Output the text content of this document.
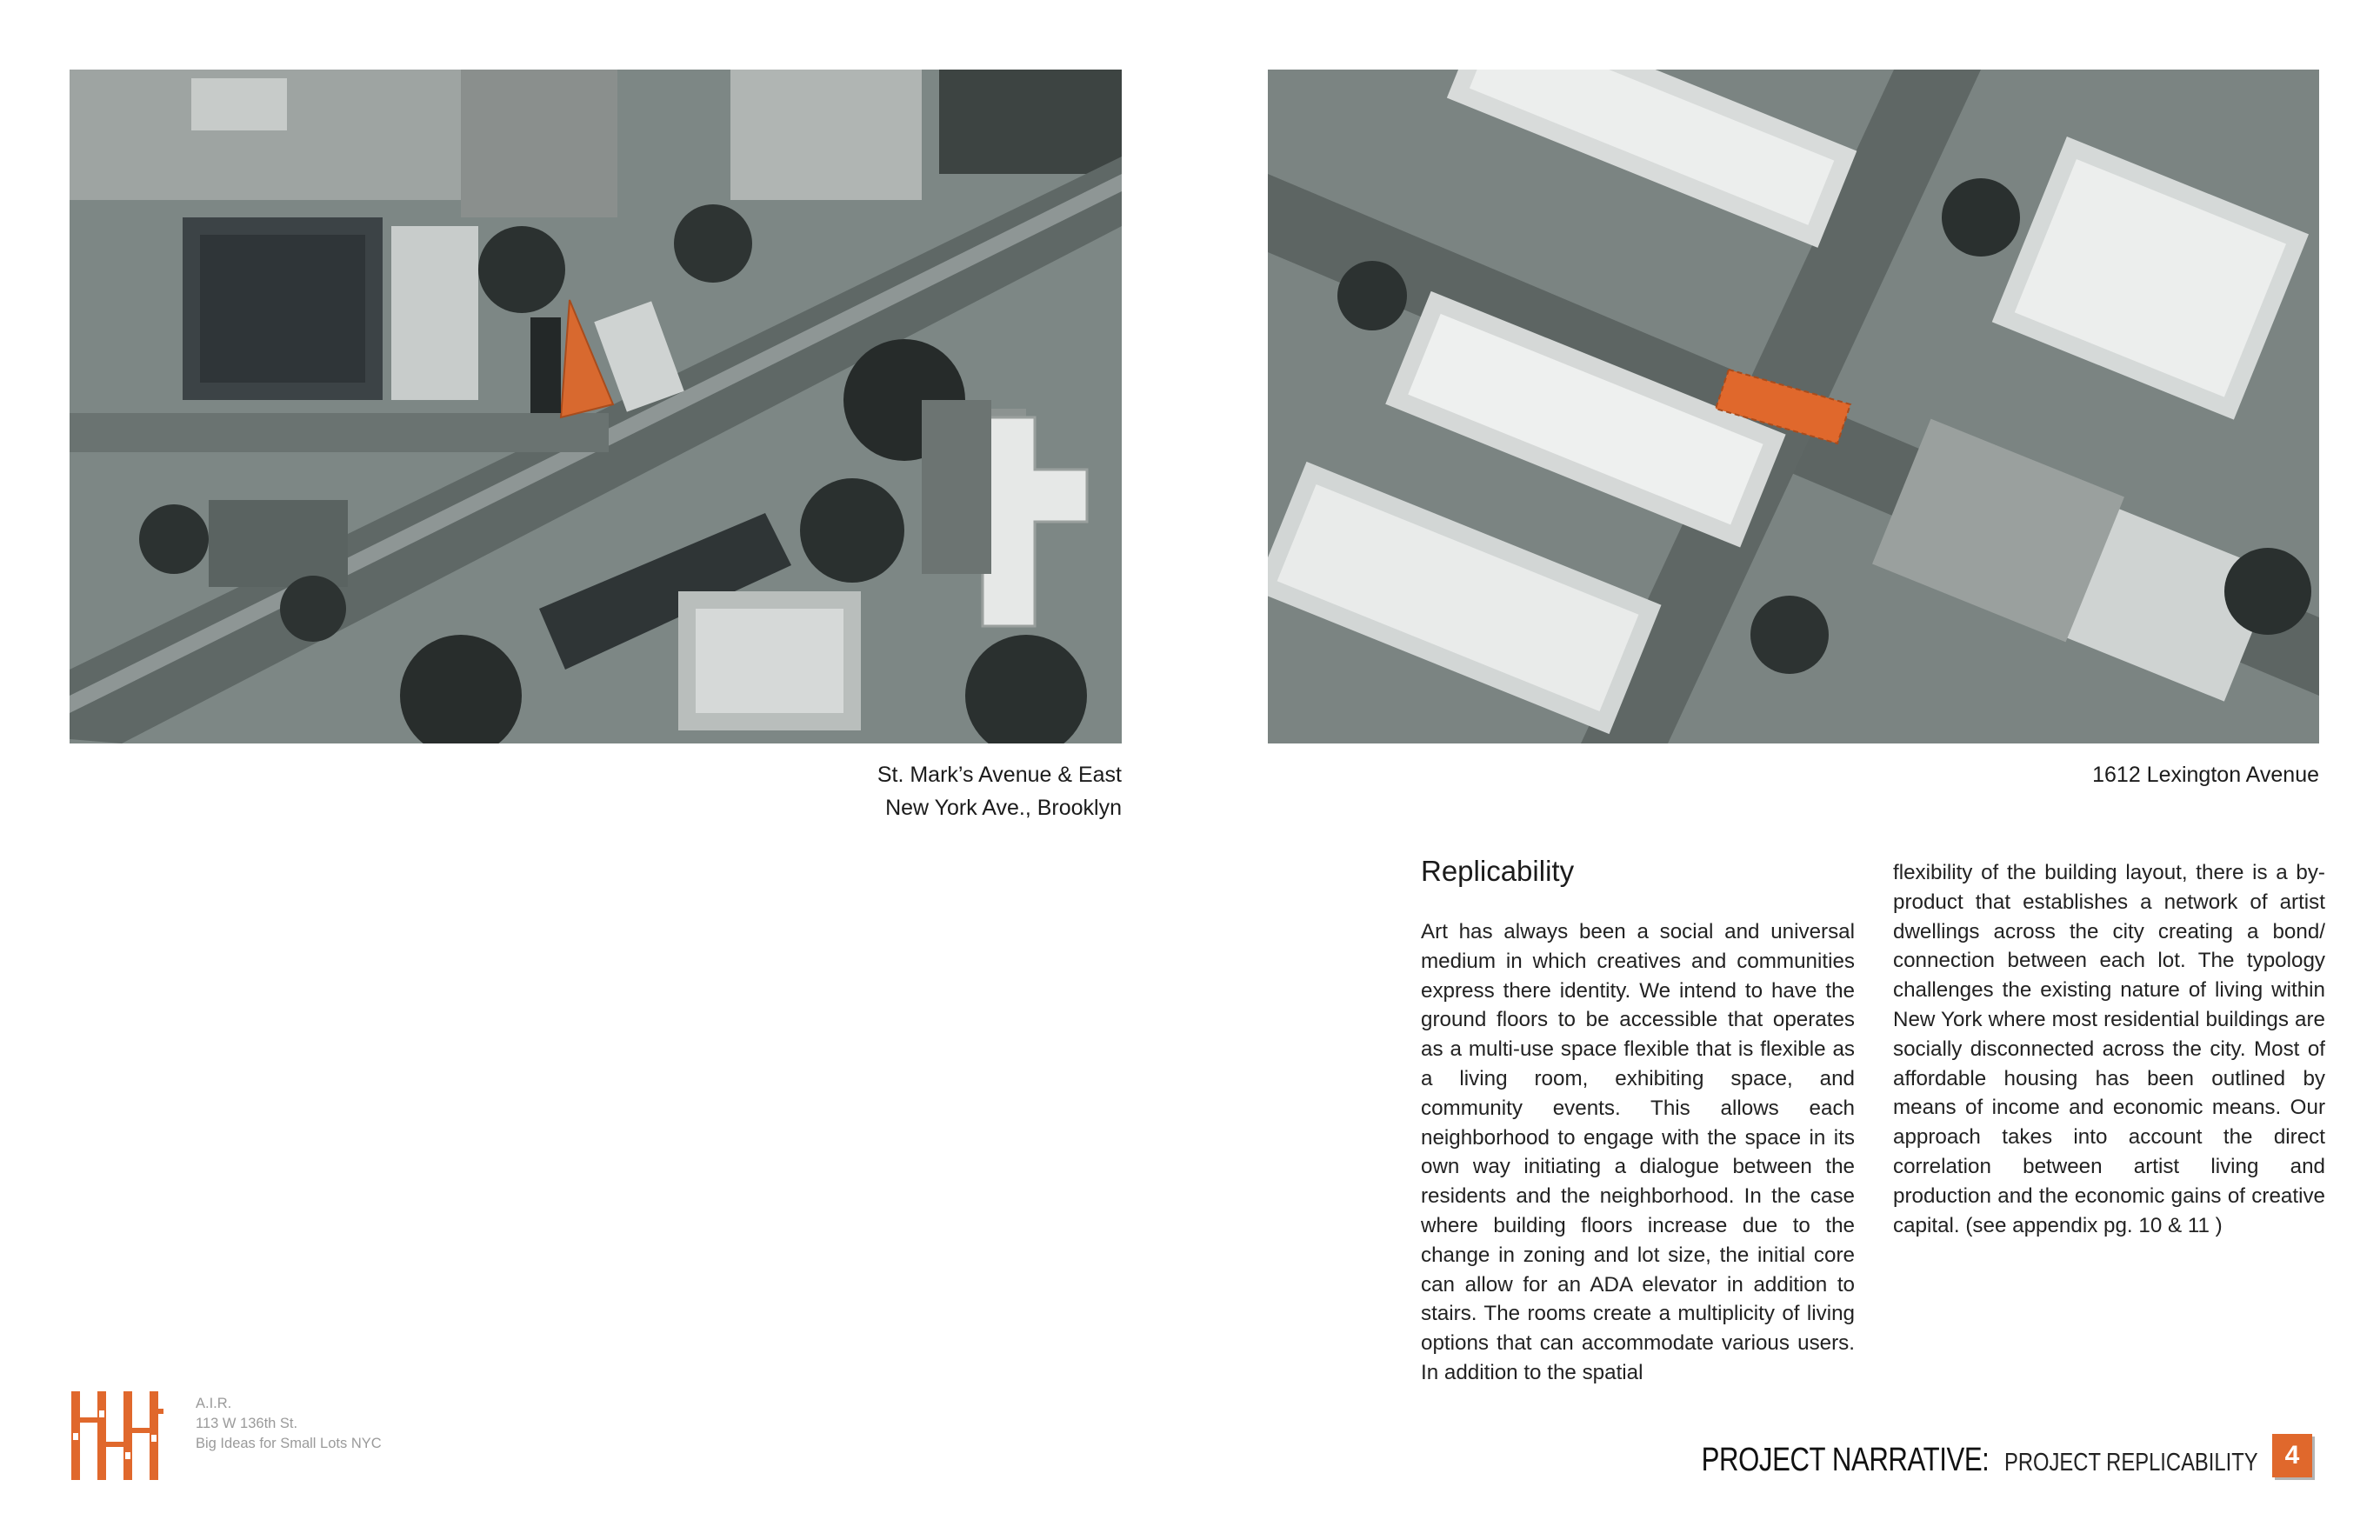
St. Mark’s Avenue & East
New York Ave., Brooklyn
1612 Lexington Avenue
Replicability

Art has always been a social and universal medium in which creatives and communities express there identity. We intend to have the ground floors to be accessible that operates as a multi-use space flexible that is flexible as a living room, exhibiting space, and community events. This allows each neighborhood to engage with the space in its own way initiating a dialogue between the residents and the neighborhood. In the case where building floors increase due to the change in zoning and lot size, the initial core can allow for an ADA elevator in addition to stairs. The rooms create a multiplicity of living options that can accommodate various users. In addition to the spatial

flexibility of the building layout, there is a by-product that establishes a network of artist dwellings across the city creating a bond/ connection between each lot. The typology challenges the existing nature of living within New York where most residential buildings are socially disconnected across the city. Most of affordable housing has been outlined by means of income and economic means. Our approach takes into account the direct correlation between artist living and production and the economic gains of creative capital. (see appendix pg. 10 & 11 )

A.I.R.
113 W 136th St.
Big Ideas for Small Lots NYC	PROJECT NARRATIVE: PROJECT REPLICABILITY	4
